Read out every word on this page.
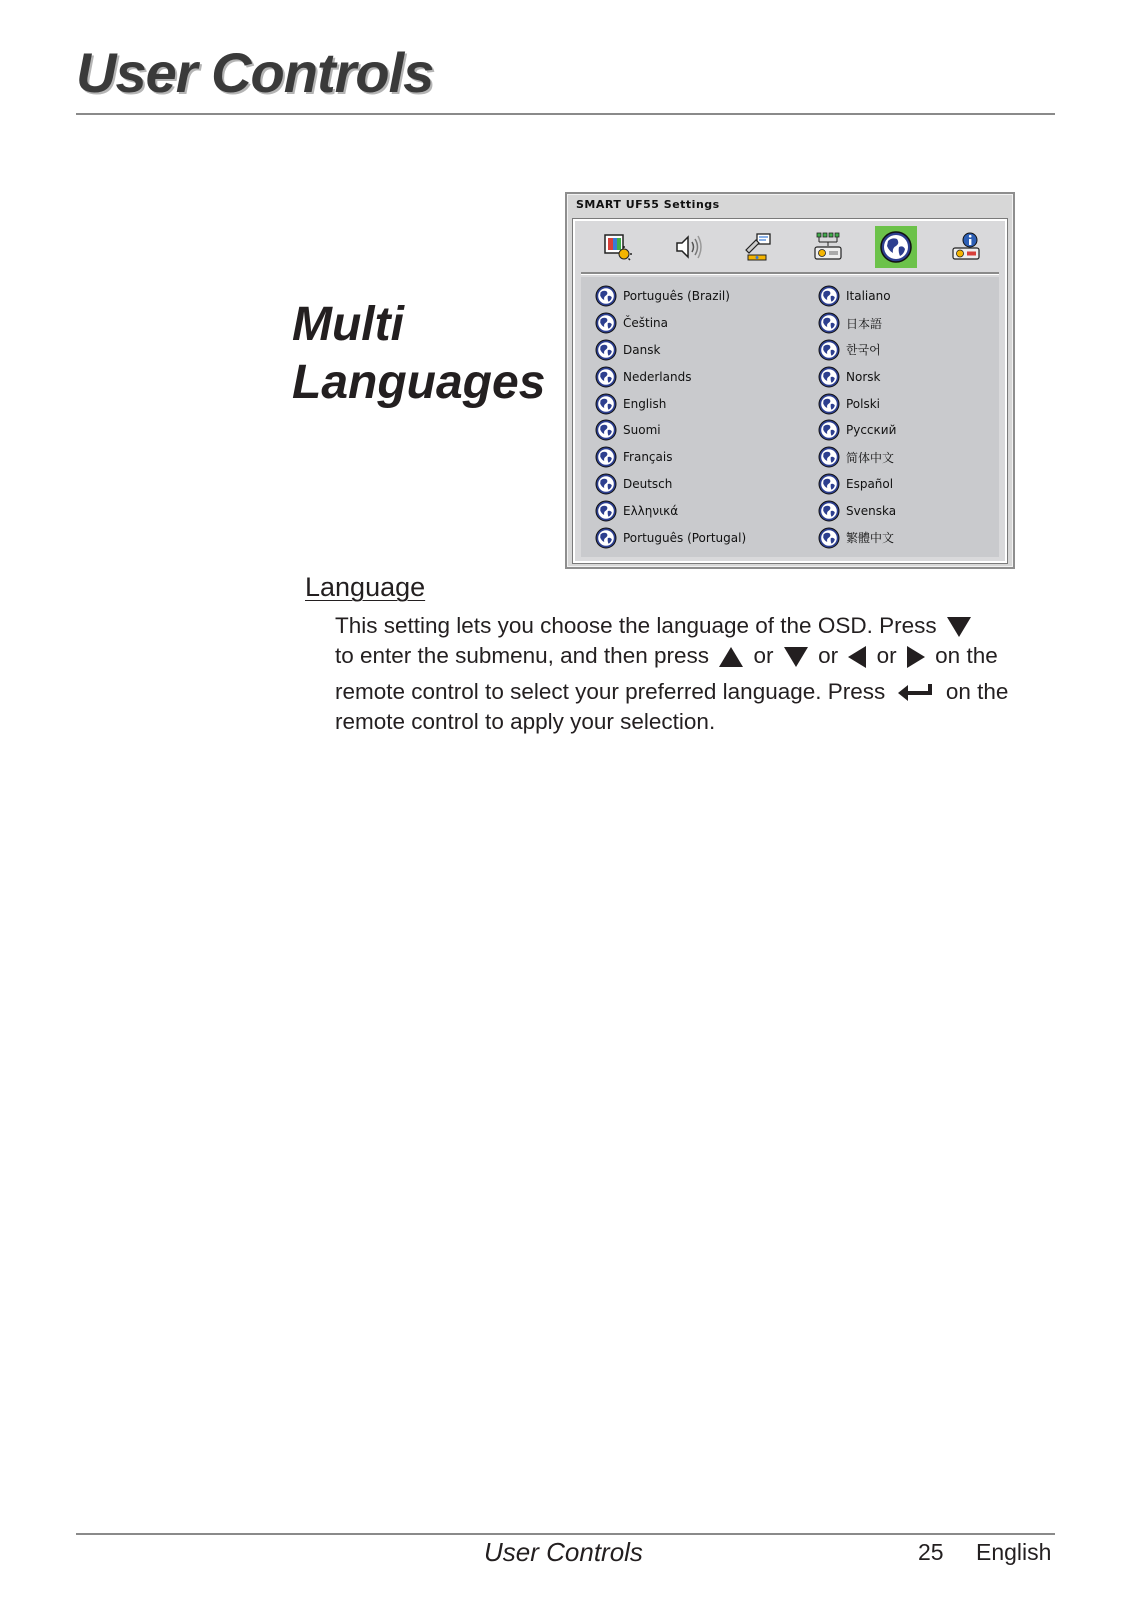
User Controls
Multi
Languages
SMART UF55 Settings
Português (Brazil)
Čeština
Dansk
Nederlands
English
Suomi
Français
Deutsch
Ελληνικά
Português (Portugal)
Italiano
日本語
한국어
Norsk
Polski
Русский
简体中文
Español
Svenska
繁體中文
Language
This setting lets you choose the language of the OSD. Press
to enter the submenu, and then press or or or on the
remote control to select your preferred language. Press	on the
remote control to apply your selection.
User Controls	25 English
